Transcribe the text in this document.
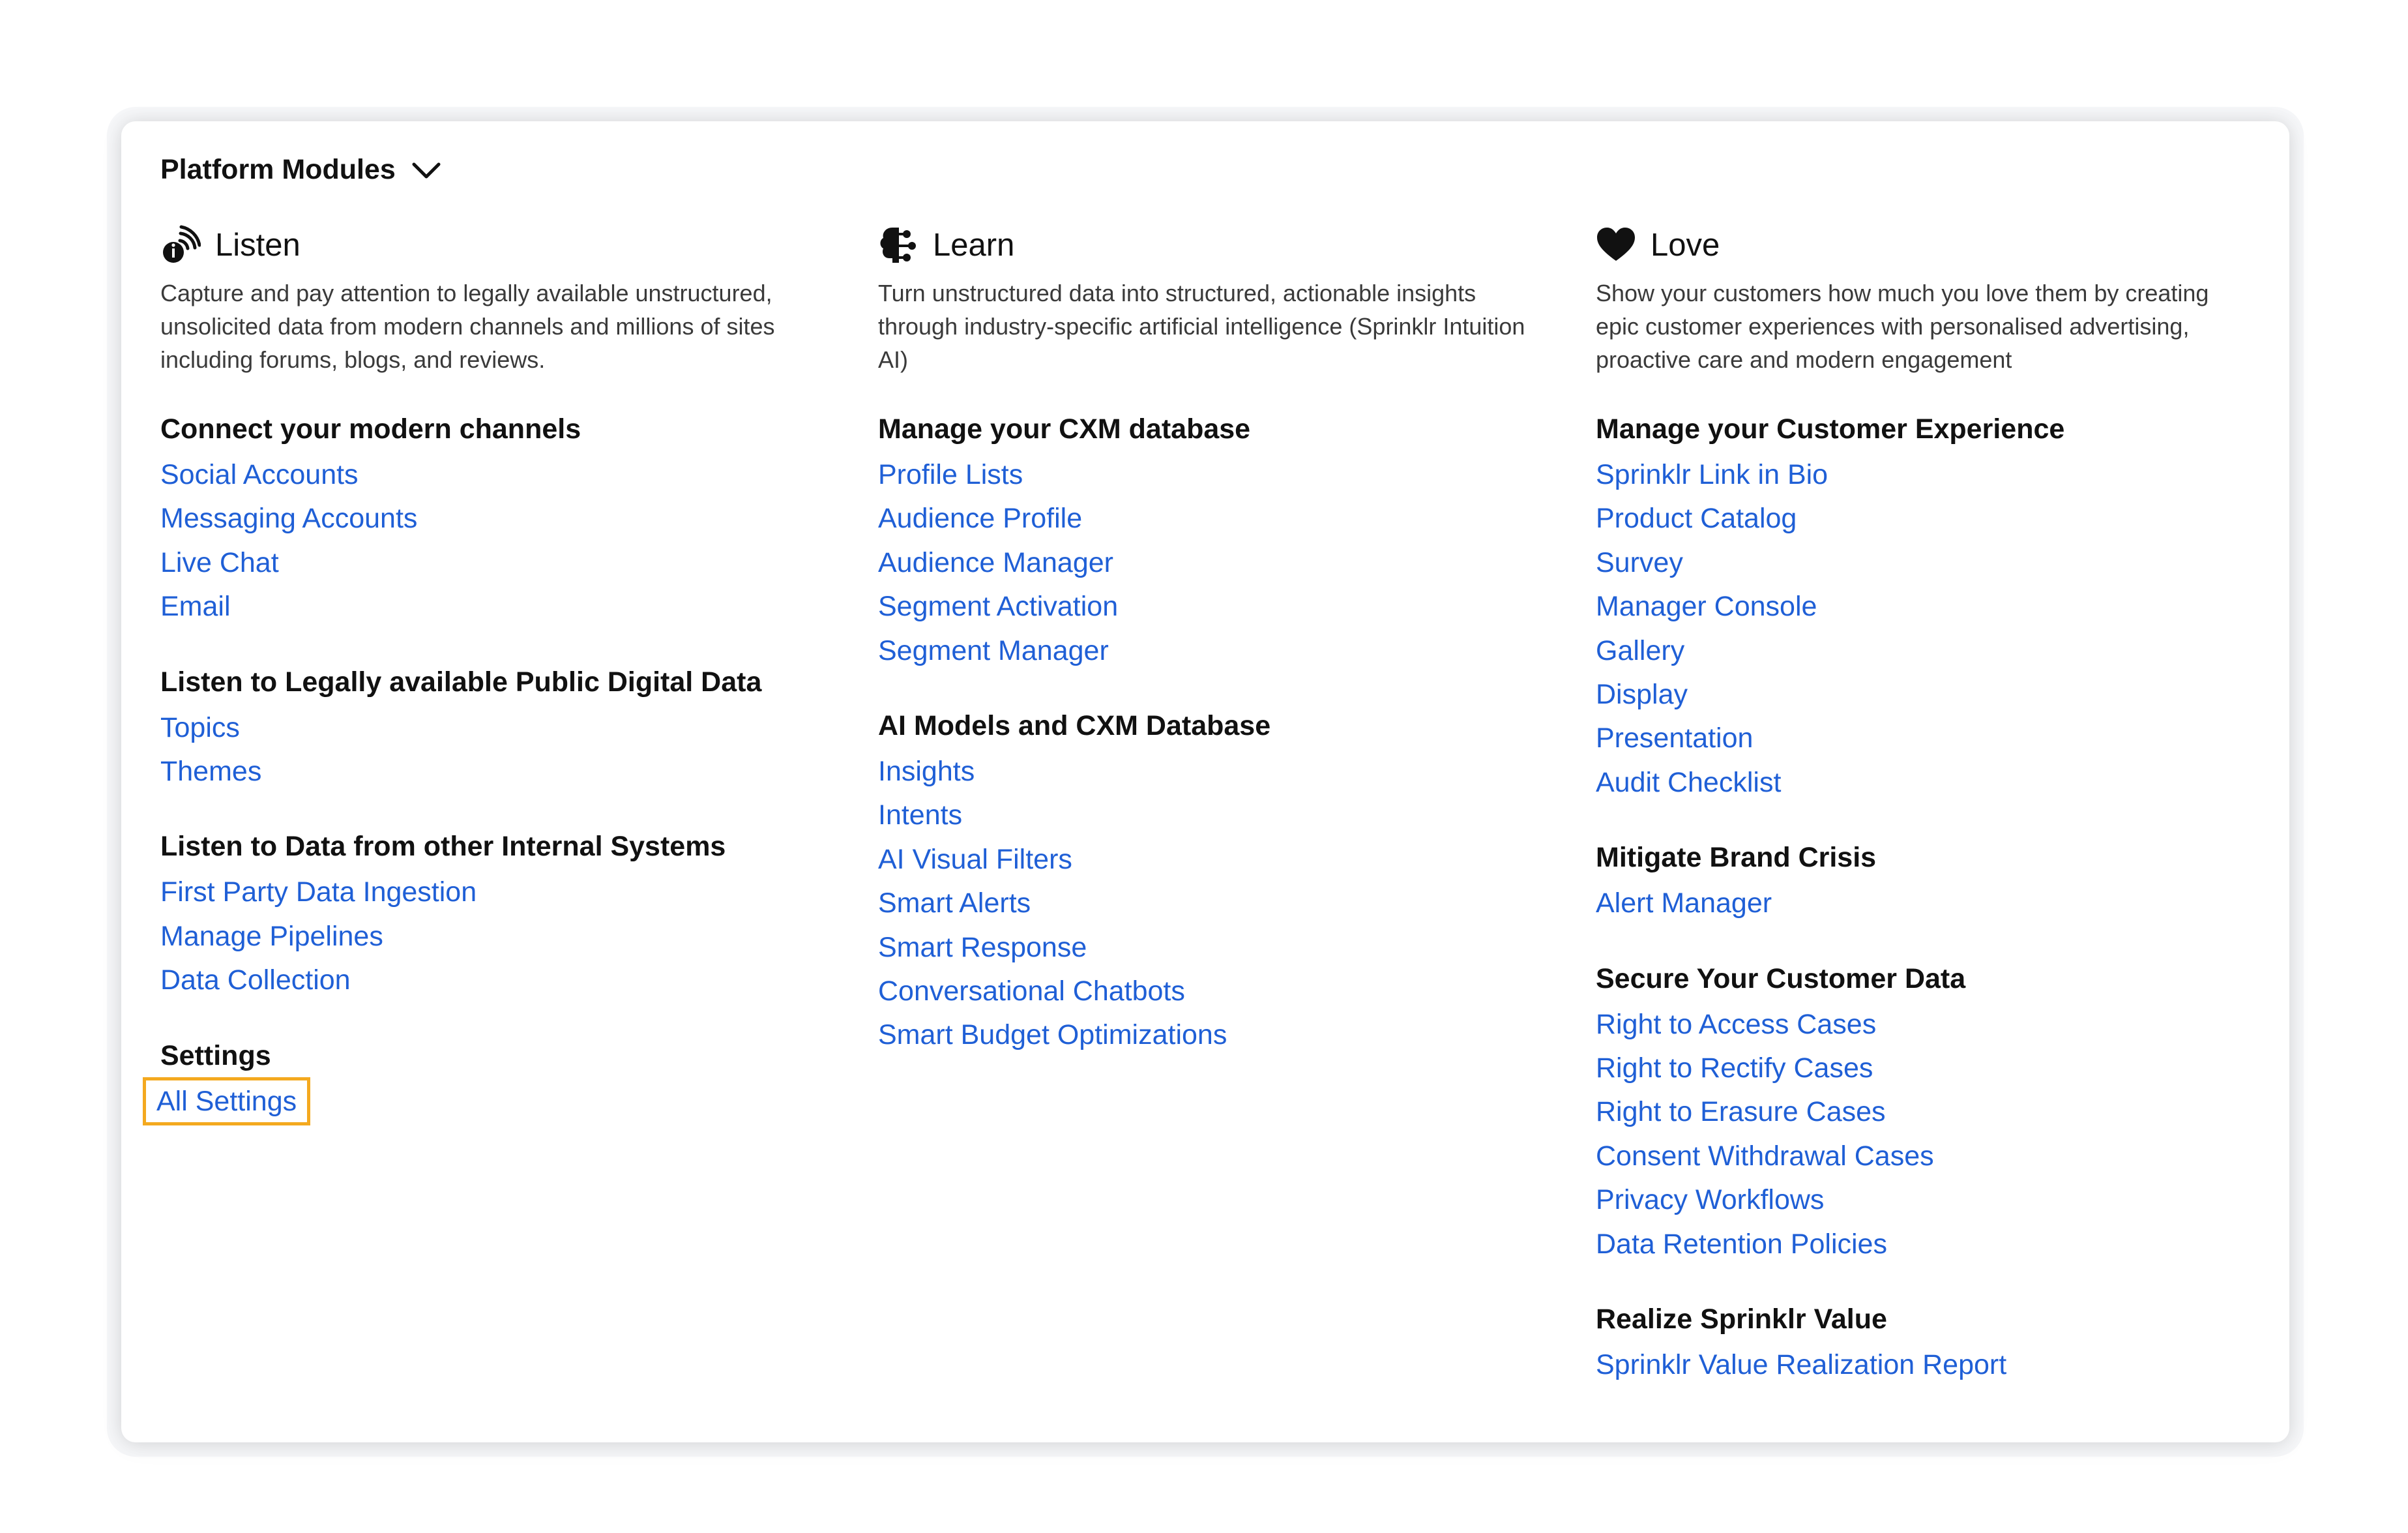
Platform Modules
Listen
Capture and pay attention to legally available unstructured, unsolicited data from modern channels and millions of sites including forums, blogs, and reviews.
Connect your modern channels
Social Accounts
Messaging Accounts
Live Chat
Email
Listen to Legally available Public Digital Data
Topics
Themes
Listen to Data from other Internal Systems
First Party Data Ingestion
Manage Pipelines
Data Collection
Settings
All Settings
Learn
Turn unstructured data into structured, actionable insights through industry-specific artificial intelligence (Sprinklr Intuition AI)
Manage your CXM database
Profile Lists
Audience Profile
Audience Manager
Segment Activation
Segment Manager
AI Models and CXM Database
Insights
Intents
AI Visual Filters
Smart Alerts
Smart Response
Conversational Chatbots
Smart Budget Optimizations
Love
Show your customers how much you love them by creating epic customer experiences with personalised advertising, proactive care and modern engagement
Manage your Customer Experience
Sprinklr Link in Bio
Product Catalog
Survey
Manager Console
Gallery
Display
Presentation
Audit Checklist
Mitigate Brand Crisis
Alert Manager
Secure Your Customer Data
Right to Access Cases
Right to Rectify Cases
Right to Erasure Cases
Consent Withdrawal Cases
Privacy Workflows
Data Retention Policies
Realize Sprinklr Value
Sprinklr Value Realization Report
